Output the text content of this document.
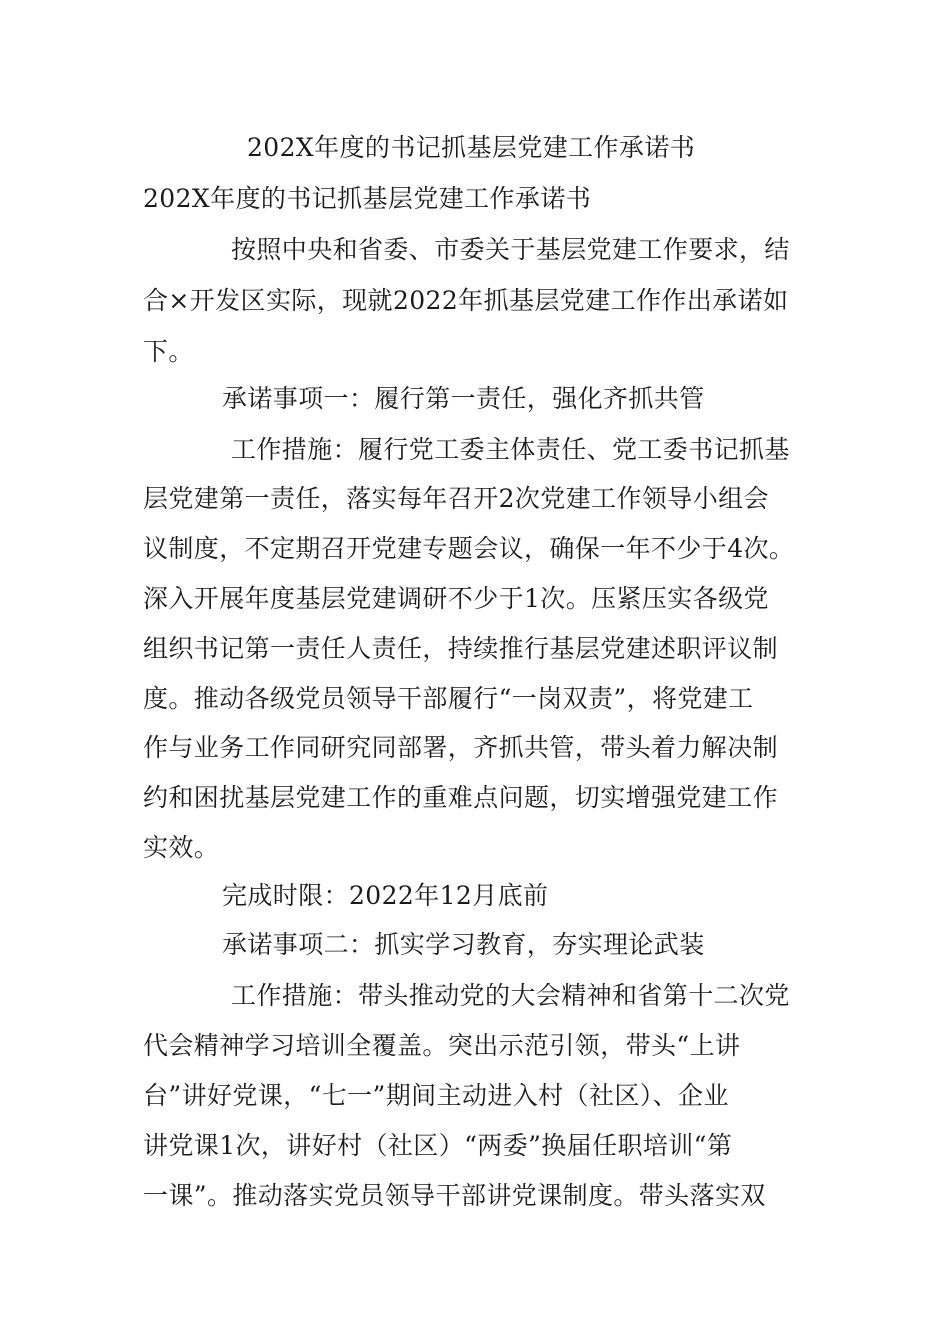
202X年度的书记抓基层党建工作承诺书
202X年度的书记抓基层党建工作承诺书
按照中央和省委、市委关于基层党建工作要求，结
合×开发区实际，现就2022年抓基层党建工作作出承诺如
下。
承诺事项一：履行第一责任，强化齐抓共管
工作措施：履行党工委主体责任、党工委书记抓基
层党建第一责任，落实每年召开2次党建工作领导小组会
议制度，不定期召开党建专题会议，确保一年不少于4次。
深入开展年度基层党建调研不少于1次。压紧压实各级党
组织书记第一责任人责任，持续推行基层党建述职评议制
度。推动各级党员领导干部履行“一岗双责”，将党建工
作与业务工作同研究同部署，齐抓共管，带头着力解决制
约和困扰基层党建工作的重难点问题，切实增强党建工作
实效。
完成时限：2022年12月底前
承诺事项二：抓实学习教育，夯实理论武装
工作措施：带头推动党的大会精神和省第十二次党
代会精神学习培训全覆盖。突出示范引领，带头“上讲
台”讲好党课，“七一”期间主动进入村（社区）、企业
讲党课1次，讲好村（社区）“两委”换届任职培训“第
一课”。推动落实党员领导干部讲党课制度。带头落实双
